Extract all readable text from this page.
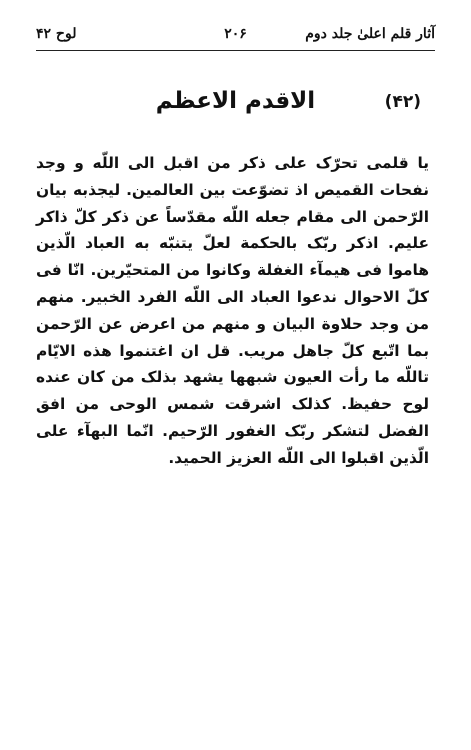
آثار قلم اعلیٰ جلد دوم
۲۰۶
لوح ۴۲
(۴۲)
الاقدم الاعظم
يا قلمى تحرّک على ذکر من اقبل الى اللّه و وجد نفحات القميص اذ تضوّعت بين العالمين. ليجذبه بيان الرّحمن الى مقام جعله اللّه مقدّساً عن ذکر کلّ ذاکر عليم. اذکر ربّک بالحکمة لعلّ يتنبّه به العباد الّذين هاموا فى هيمآء الغفلة وکانوا من المتحيّرين. انّا فى کلّ الاحوال ندعوا العباد الى اللّه الفرد الخبير. منهم من وجد حلاوة البيان و منهم من اعرض عن الرّحمن بما اتّبع کلّ جاهل مريب. قل ان اغتنموا هذه الايّام تاللّه ما رأت العيون شبهها يشهد بذلک من کان عنده لوح حفيظ. کذلک اشرقت شمس الوحى من افق الفضل لتشکر ربّک الغفور الرّحيم. انّما البهآء على الّذين اقبلوا الى اللّه العزيز الحميد.
